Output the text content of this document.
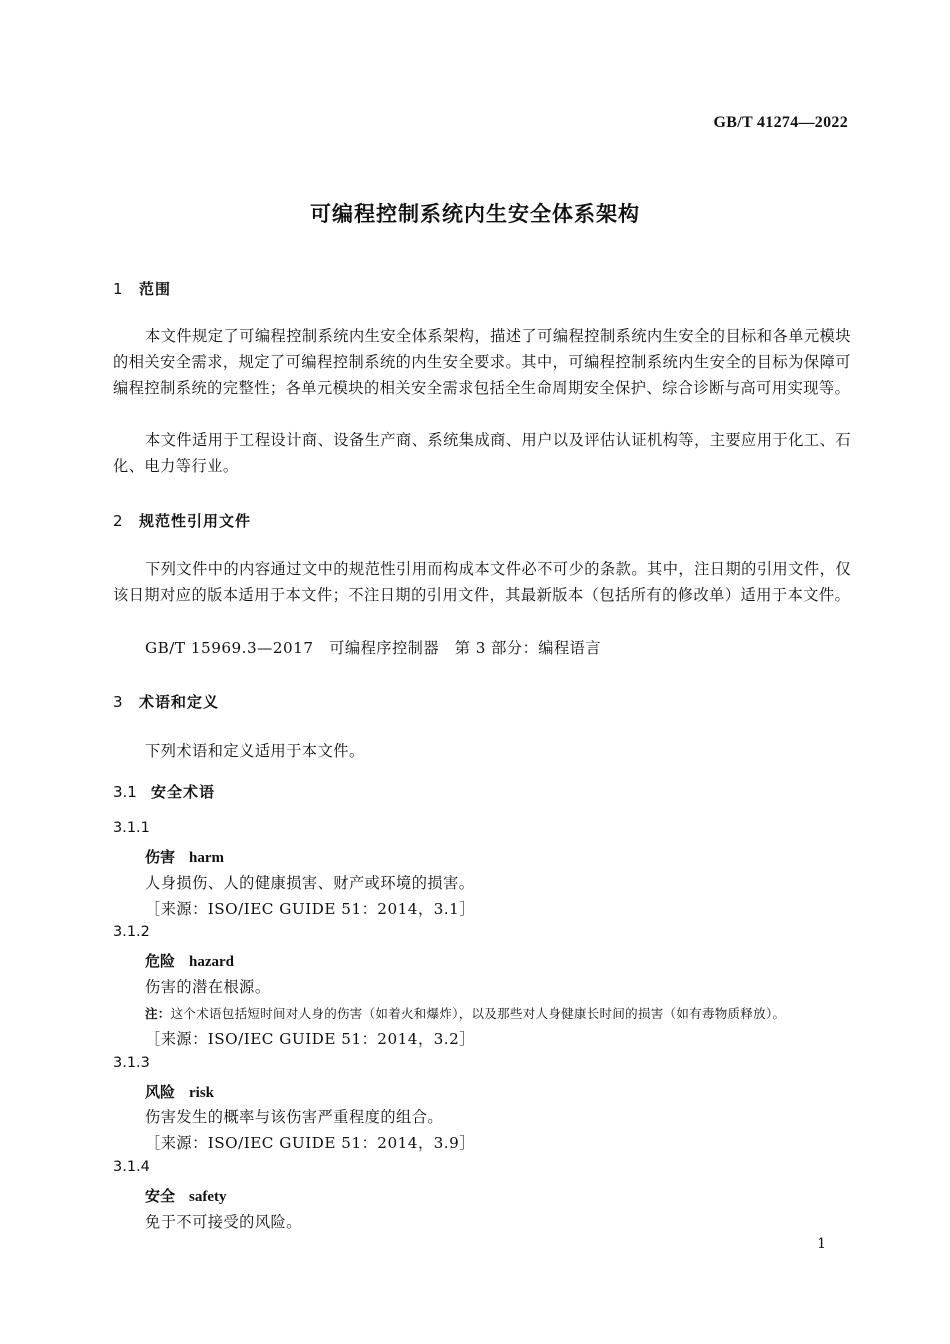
GB/T 41274—2022
可编程控制系统内生安全体系架构
1 范围
本文件规定了可编程控制系统内生安全体系架构，描述了可编程控制系统内生安全的目标和各单元模块的相关安全需求，规定了可编程控制系统的内生安全要求。其中，可编程控制系统内生安全的目标为保障可编程控制系统的完整性；各单元模块的相关安全需求包括全生命周期安全保护、综合诊断与高可用实现等。
本文件适用于工程设计商、设备生产商、系统集成商、用户以及评估认证机构等，主要应用于化工、石化、电力等行业。
2 规范性引用文件
下列文件中的内容通过文中的规范性引用而构成本文件必不可少的条款。其中，注日期的引用文件，仅该日期对应的版本适用于本文件；不注日期的引用文件，其最新版本（包括所有的修改单）适用于本文件。
GB/T 15969.3—2017　可编程序控制器　第 3 部分：编程语言
3 术语和定义
下列术语和定义适用于本文件。
3.1 安全术语
3.1.1
伤害 harm
人身损伤、人的健康损害、财产或环境的损害。
［来源：ISO/IEC GUIDE 51：2014，3.1］
3.1.2
危险 hazard
伤害的潜在根源。
注：这个术语包括短时间对人身的伤害（如着火和爆炸），以及那些对人身健康长时间的损害（如有毒物质释放）。
［来源：ISO/IEC GUIDE 51：2014，3.2］
3.1.3
风险 risk
伤害发生的概率与该伤害严重程度的组合。
［来源：ISO/IEC GUIDE 51：2014，3.9］
3.1.4
安全 safety
免于不可接受的风险。
1
